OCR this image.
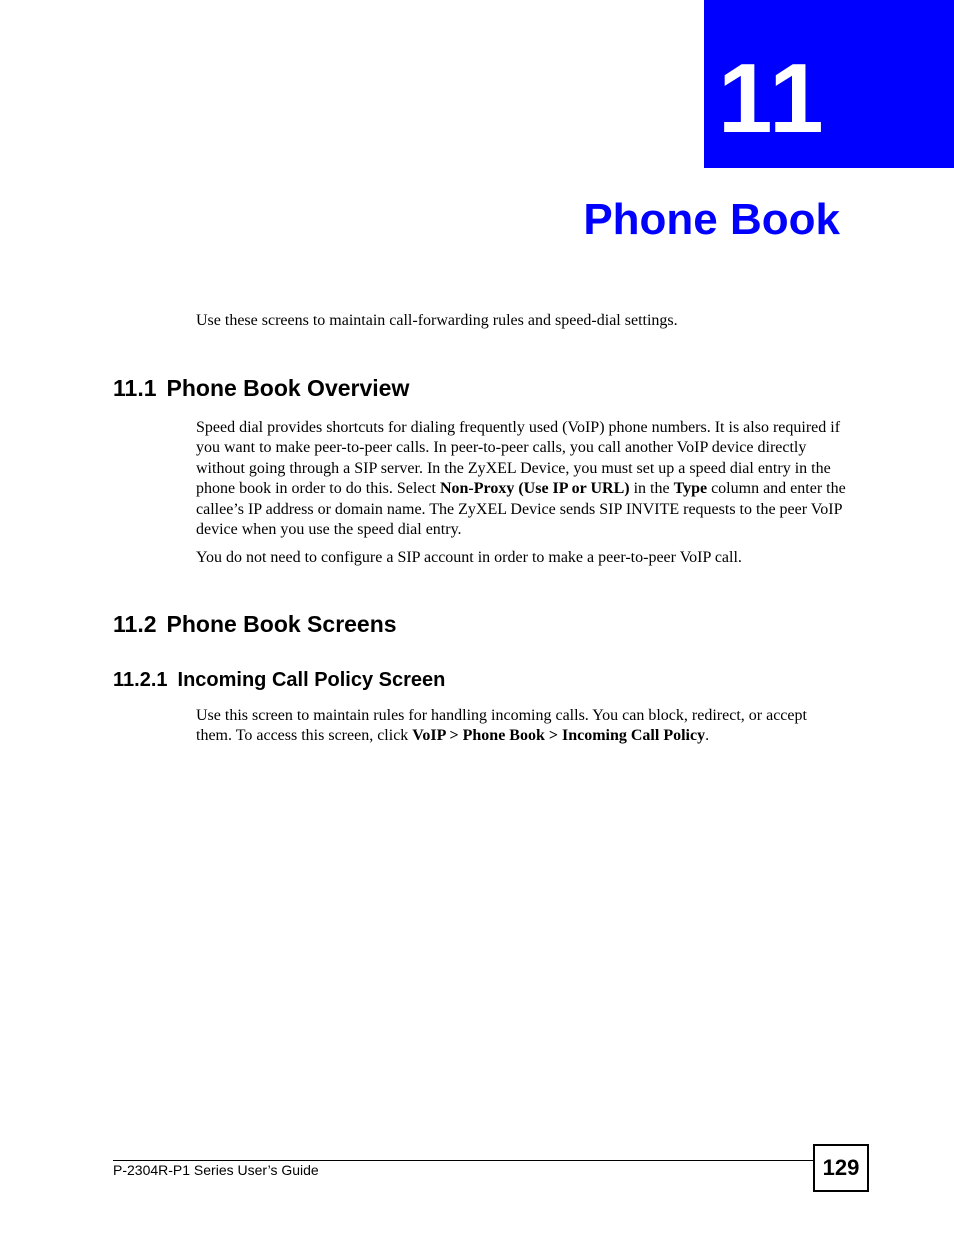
11
Phone Book

Use these screens to maintain call-forwarding rules and speed-dial settings.

11.1 Phone Book Overview

Speed dial provides shortcuts for dialing frequently used (VoIP) phone numbers. It is also required if you want to make peer-to-peer calls. In peer-to-peer calls, you call another VoIP device directly without going through a SIP server. In the ZyXEL Device, you must set up a speed dial entry in the phone book in order to do this. Select Non-Proxy (Use IP or URL) in the Type column and enter the callee’s IP address or domain name. The ZyXEL Device sends SIP INVITE requests to the peer VoIP device when you use the speed dial entry.

You do not need to configure a SIP account in order to make a peer-to-peer VoIP call.

11.2 Phone Book Screens
11.2.1 Incoming Call Policy Screen

Use this screen to maintain rules for handling incoming calls. You can block, redirect, or accept them. To access this screen, click VoIP > Phone Book > Incoming Call Policy.

P-2304R-P1 Series User’s Guide	129
